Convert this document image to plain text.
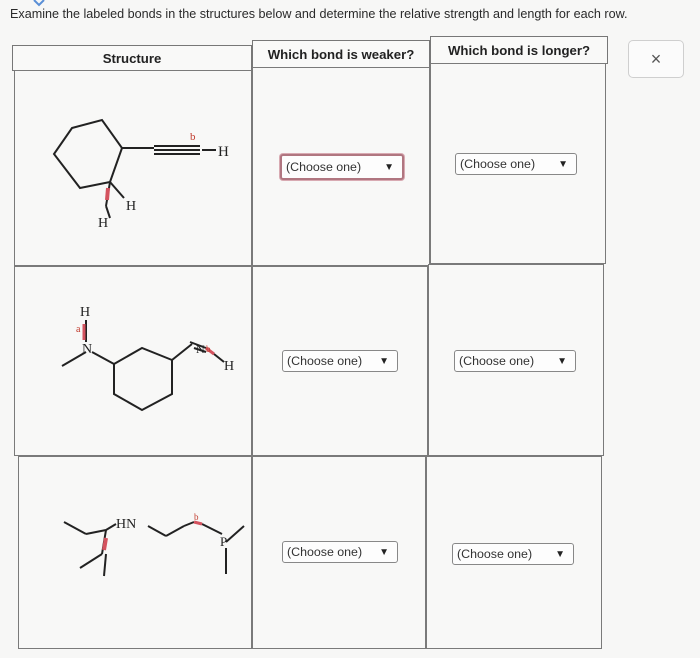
Examine the labeled bonds in the structures below and determine the relative strength and length for each row.
×
Structure	Which bond is weaker?	Which bond is longer?
(Choose one) ▼	(Choose one) ▼
(Choose one) ▼	(Choose one) ▼
(Choose one) ▼	(Choose one) ▼
H
H
H
b
H
a
N	N b
H
HN	b
P
